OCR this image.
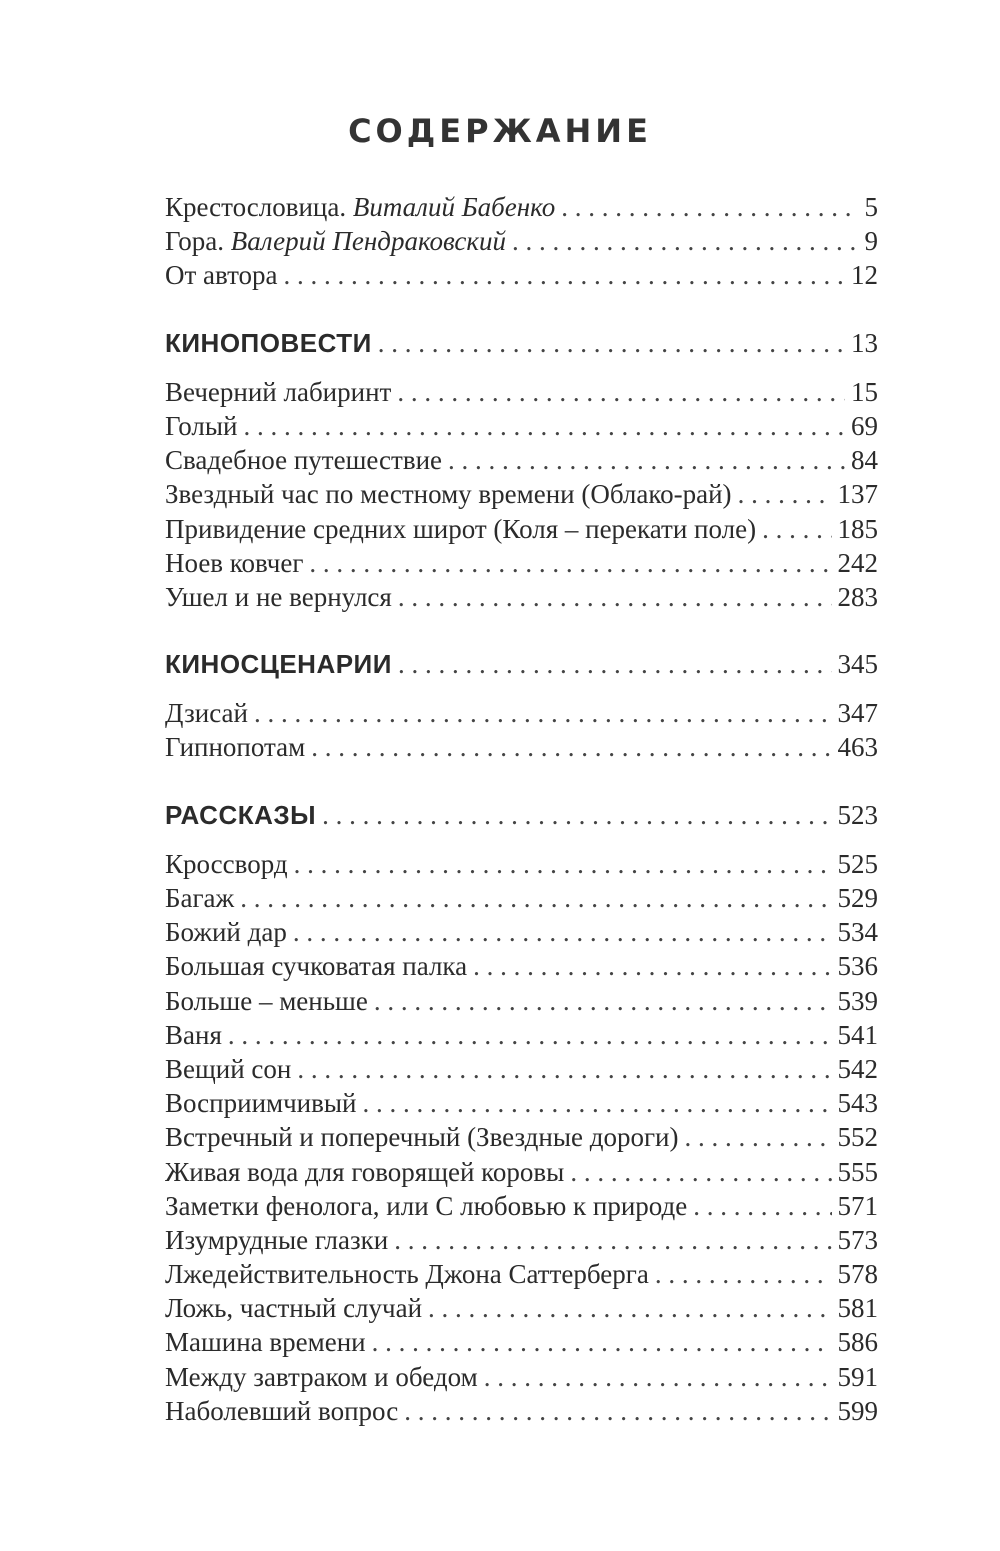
СОДЕРЖАНИЕ
Крестословица. Виталий Бабенко . . .	5
Гора. Валерий Пендраковский . . .	9
От автора . . .	12
КИНОПОВЕСТИ . . .	13
Вечерний лабиринт . . .	15
Голый . . .	69
Свадебное путешествие . . .	84
Звездный час по местному времени (Облако-рай) . . .	137
Привидение средних широт (Коля – перекати поле) . . .	185
Ноев ковчег . . .	242
Ушел и не вернулся . . .	283
КИНОСЦЕНАРИИ . . .	345
Дзисай . . .	347
Гипнопотам . . .	463
РАССКАЗЫ . . .	523
Кроссворд . . .	525
Багаж . . .	529
Божий дар . . .	534
Большая сучковатая палка . . .	536
Больше – меньше . . .	539
Ваня . . .	541
Вещий сон . . .	542
Восприимчивый . . .	543
Встречный и поперечный (Звездные дороги) . . .	552
Живая вода для говорящей коровы . . .	555
Заметки фенолога, или С любовью к природе . . .	571
Изумрудные глазки . . .	573
Лжедействительность Джона Саттерберга . . .	578
Ложь, частный случай . . .	581
Машина времени . . .	586
Между завтраком и обедом . . .	591
Наболевший вопрос . . .	599
